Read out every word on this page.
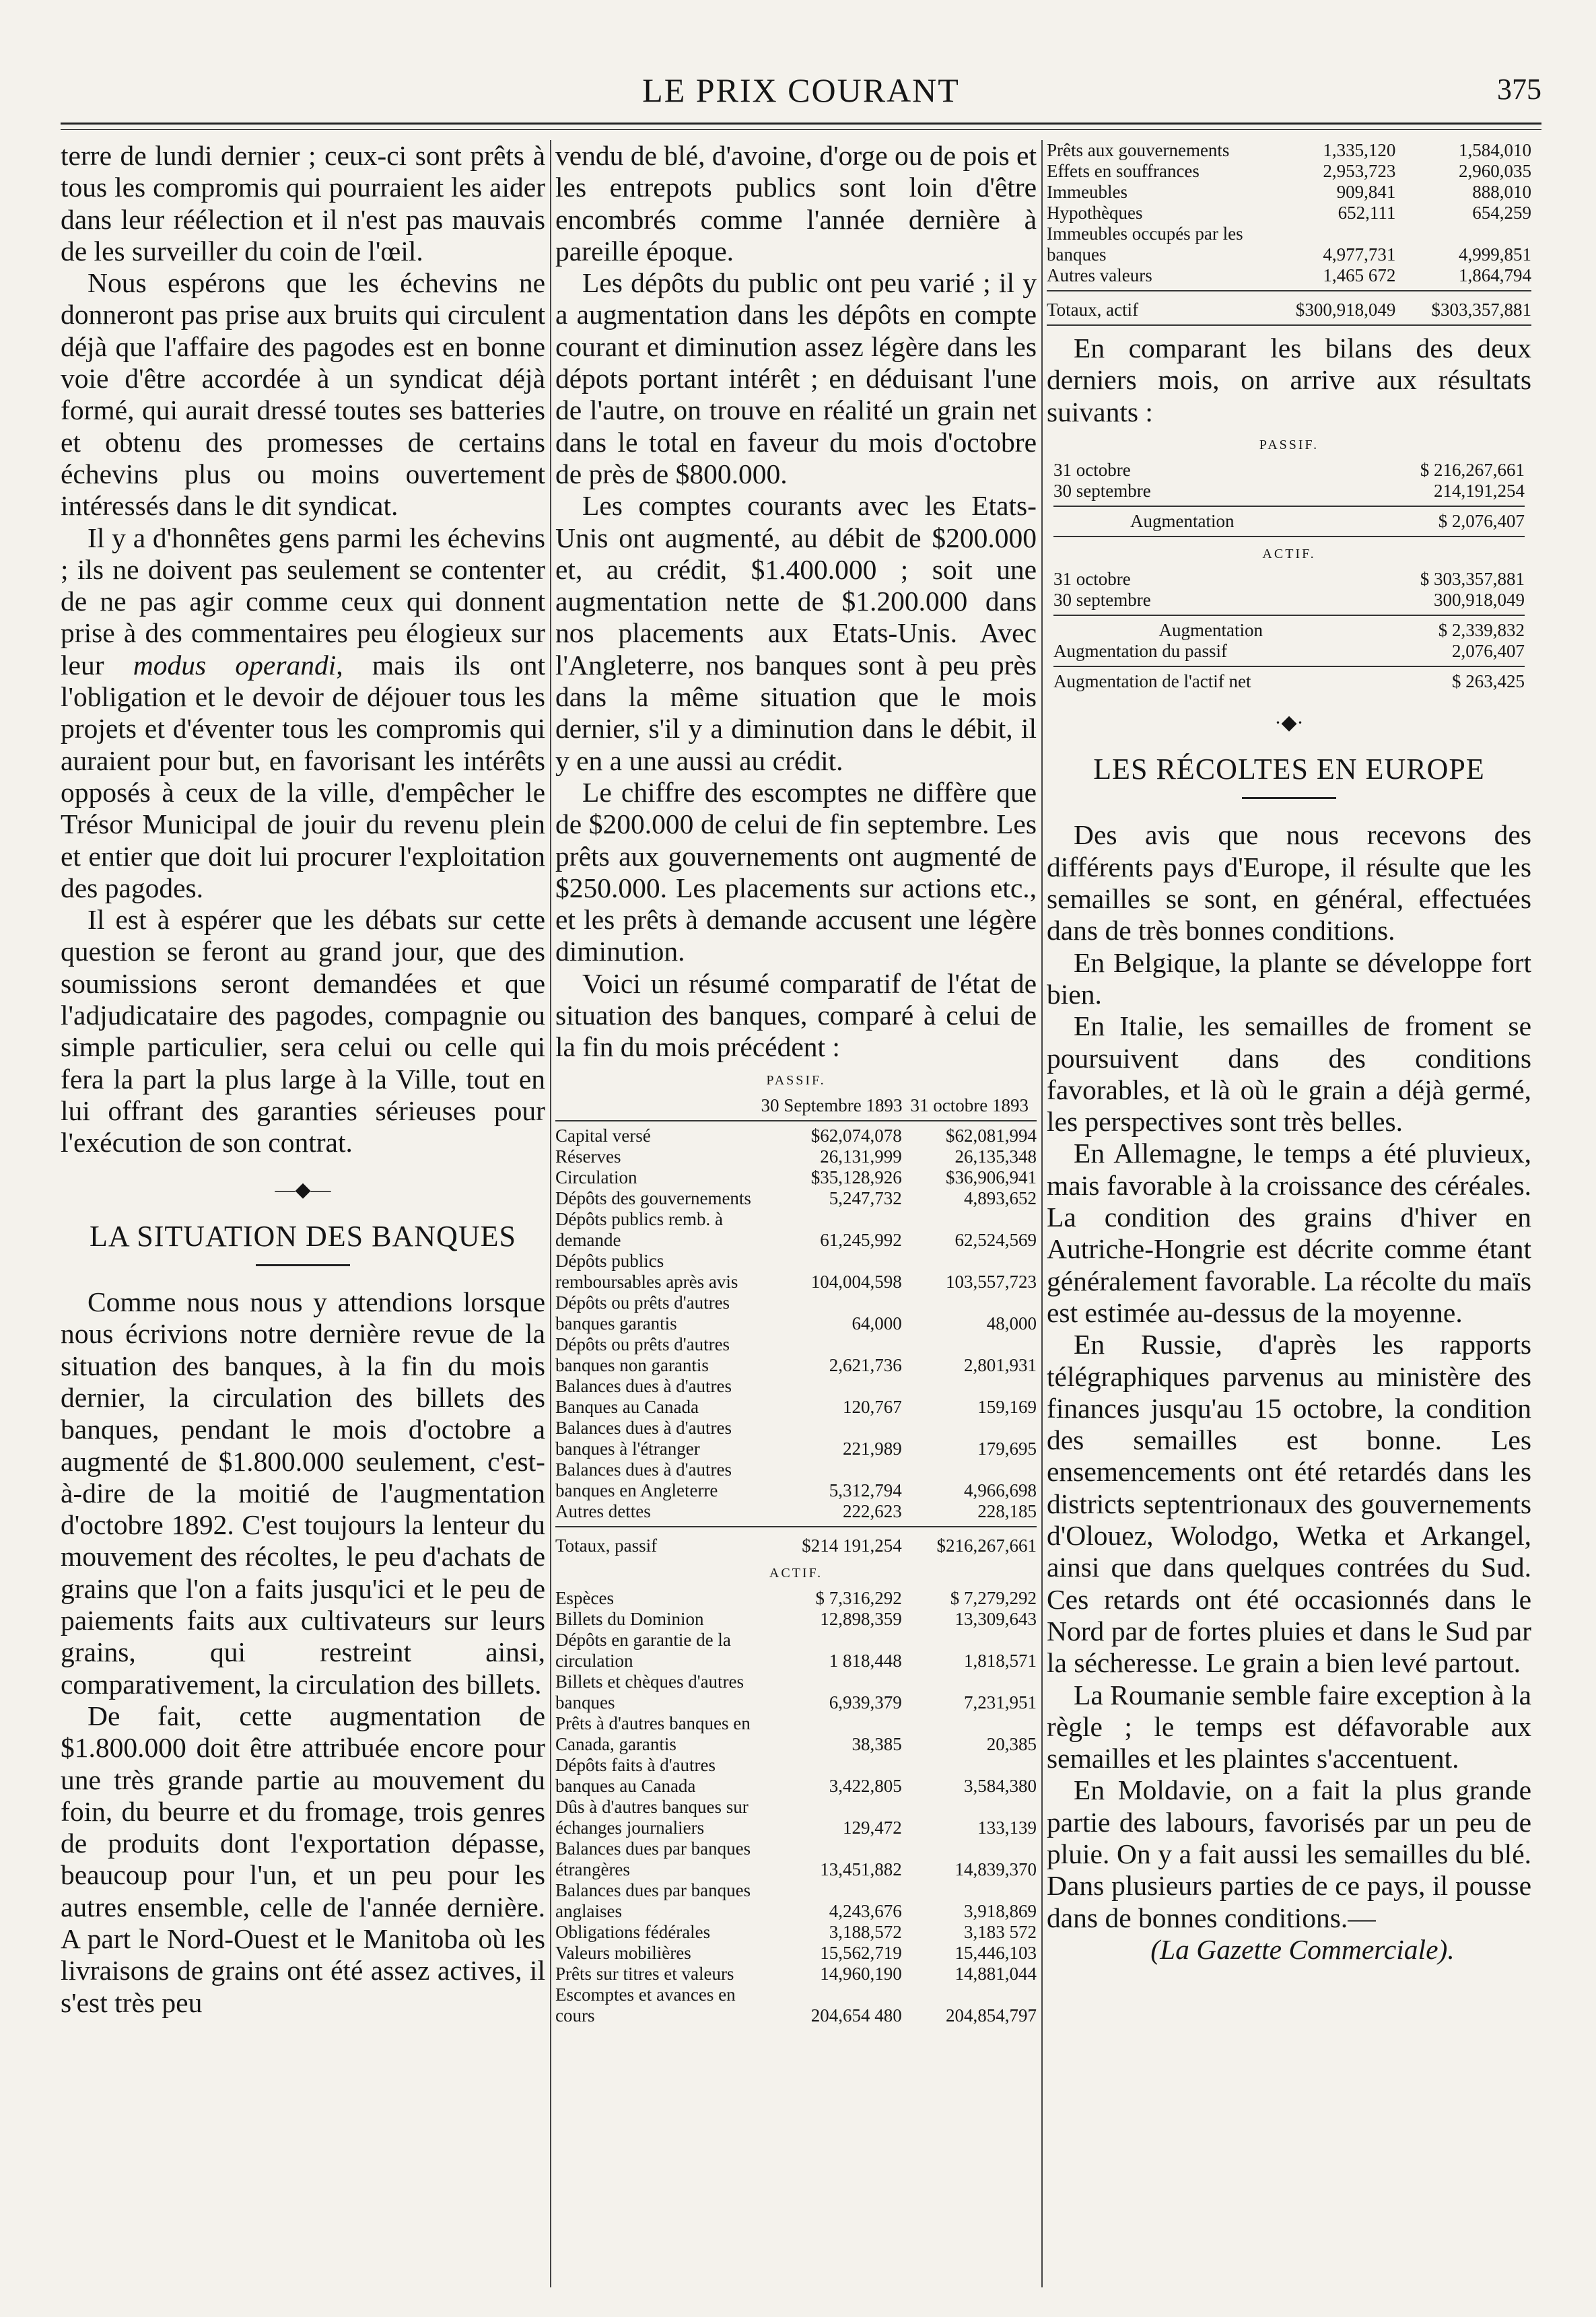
LE PRIX COURANT	375

terre de lundi dernier ; ceux-ci sont prêts à tous les compromis qui pourraient les aider dans leur réélection et il n'est pas mauvais de les surveiller du coin de l'œil.

Nous espérons que les échevins ne donneront pas prise aux bruits qui circulent déjà que l'affaire des pagodes est en bonne voie d'être accordée à un syndicat déjà formé, qui aurait dressé toutes ses batteries et obtenu des promesses de certains échevins plus ou moins ouvertement intéressés dans le dit syndicat.

Il y a d'honnêtes gens parmi les échevins ; ils ne doivent pas seulement se contenter de ne pas agir comme ceux qui donnent prise à des commentaires peu élogieux sur leur modus operandi, mais ils ont l'obligation et le devoir de déjouer tous les projets et d'éventer tous les compromis qui auraient pour but, en favorisant les intérêts opposés à ceux de la ville, d'empêcher le Trésor Municipal de jouir du revenu plein et entier que doit lui procurer l'exploitation des pagodes.

Il est à espérer que les débats sur cette question se feront au grand jour, que des soumissions seront demandées et que l'adjudicataire des pagodes, compagnie ou simple particulier, sera celui ou celle qui fera la part la plus large à la Ville, tout en lui offrant des garanties sérieuses pour l'exécution de son contrat.

—◆—
LA SITUATION DES BANQUES

Comme nous nous y attendions lorsque nous écrivions notre dernière revue de la situation des banques, à la fin du mois dernier, la circulation des billets des banques, pendant le mois d'octobre a augmenté de $1.800.000 seulement, c'est-à-dire de la moitié de l'augmentation d'octobre 1892. C'est toujours la lenteur du mouvement des récoltes, le peu d'achats de grains que l'on a faits jusqu'ici et le peu de paiements faits aux cultivateurs sur leurs grains, qui restreint ainsi, comparativement, la circulation des billets.

De fait, cette augmentation de $1.800.000 doit être attribuée encore pour une très grande partie au mouvement du foin, du beurre et du fromage, trois genres de produits dont l'exportation dépasse, beaucoup pour l'un, et un peu pour les autres ensemble, celle de l'année dernière. A part le Nord-Ouest et le Manitoba où les livraisons de grains ont été assez actives, il s'est très peu

vendu de blé, d'avoine, d'orge ou de pois et les entrepots publics sont loin d'être encombrés comme l'année dernière à pareille époque.

Les dépôts du public ont peu varié ; il y a augmentation dans les dépôts en compte courant et diminution assez légère dans les dépots portant intérêt ; en déduisant l'une de l'autre, on trouve en réalité un grain net dans le total en faveur du mois d'octobre de près de $800.000.

Les comptes courants avec les Etats-Unis ont augmenté, au débit de $200.000 et, au crédit, $1.400.000 ; soit une augmentation nette de $1.200.000 dans nos placements aux Etats-Unis. Avec l'Angleterre, nos banques sont à peu près dans la même situation que le mois dernier, s'il y a diminution dans le débit, il y en a une aussi au crédit.

Le chiffre des escomptes ne diffère que de $200.000 de celui de fin septembre. Les prêts aux gouvernements ont augmenté de $250.000. Les placements sur actions etc., et les prêts à demande accusent une légère diminution.

Voici un résumé comparatif de l'état de situation des banques, comparé à celui de la fin du mois précédent :

PASSIF.
	30 Septembre 1893	31 octobre 1893
Capital versé	$62,074,078	$62,081,994
Réserves	26,131,999	26,135,348
Circulation	$35,128,926	$36,906,941
Dépôts des gouvernements	5,247,732	4,893,652
Dépôts publics remb. à demande	61,245,992	62,524,569
Dépôts publics remboursables après avis	104,004,598	103,557,723
Dépôts ou prêts d'autres banques garantis	64,000	48,000
Dépôts ou prêts d'autres banques non garantis	2,621,736	2,801,931
Balances dues à d'autres Banques au Canada	120,767	159,169
Balances dues à d'autres banques à l'étranger	221,989	179,695
Balances dues à d'autres banques en Angleterre	5,312,794	4,966,698
Autres dettes	222,623	228,185
Totaux, passif	$214 191,254	$216,267,661
ACTIF.
Espèces	$ 7,316,292	$ 7,279,292
Billets du Dominion	12,898,359	13,309,643
Dépôts en garantie de la circulation	1 818,448	1,818,571
Billets et chèques d'autres banques	6,939,379	7,231,951
Prêts à d'autres banques en Canada, garantis	38,385	20,385
Dépôts faits à d'autres banques au Canada	3,422,805	3,584,380
Dûs à d'autres banques sur échanges journaliers	129,472	133,139
Balances dues par banques étrangères	13,451,882	14,839,370
Balances dues par banques anglaises	4,243,676	3,918,869
Obligations fédérales	3,188,572	3,183 572
Valeurs mobilières	15,562,719	15,446,103
Prêts sur titres et valeurs	14,960,190	14,881,044
Escomptes et avances en cours	204,654 480	204,854,797
Prêts aux gouvernements	1,335,120	1,584,010
Effets en souffrances	2,953,723	2,960,035
Immeubles	909,841	888,010
Hypothèques	652,111	654,259
Immeubles occupés par les banques	4,977,731	4,999,851
Autres valeurs	1,465 672	1,864,794
Totaux, actif	$300,918,049	$303,357,881

En comparant les bilans des deux derniers mois, on arrive aux résultats suivants :

PASSIF.
31 octobre	$ 216,267,661
30 septembre	214,191,254
Augmentation	$ 2,076,407
ACTIF.
31 octobre	$ 303,357,881
30 septembre	300,918,049
Augmentation	$ 2,339,832
Augmentation du passif	2,076,407
Augmentation de l'actif net	$ 263,425
·◆·
LES RÉCOLTES EN EUROPE

Des avis que nous recevons des différents pays d'Europe, il résulte que les semailles se sont, en général, effectuées dans de très bonnes conditions.

En Belgique, la plante se développe fort bien.

En Italie, les semailles de froment se poursuivent dans des conditions favorables, et là où le grain a déjà germé, les perspectives sont très belles.

En Allemagne, le temps a été pluvieux, mais favorable à la croissance des céréales. La condition des grains d'hiver en Autriche-Hongrie est décrite comme étant généralement favorable. La récolte du maïs est estimée au-dessus de la moyenne.

En Russie, d'après les rapports télégraphiques parvenus au ministère des finances jusqu'au 15 octobre, la condition des semailles est bonne. Les ensemencements ont été retardés dans les districts septentrionaux des gouvernements d'Olouez, Wolodgo, Wetka et Arkangel, ainsi que dans quelques contrées du Sud. Ces retards ont été occasionnés dans le Nord par de fortes pluies et dans le Sud par la sécheresse. Le grain a bien levé partout.

La Roumanie semble faire exception à la règle ; le temps est défavorable aux semailles et les plaintes s'accentuent.

En Moldavie, on a fait la plus grande partie des labours, favorisés par un peu de pluie. On y a fait aussi les semailles du blé. Dans plusieurs parties de ce pays, il pousse dans de bonnes conditions.—

(La Gazette Commerciale).
